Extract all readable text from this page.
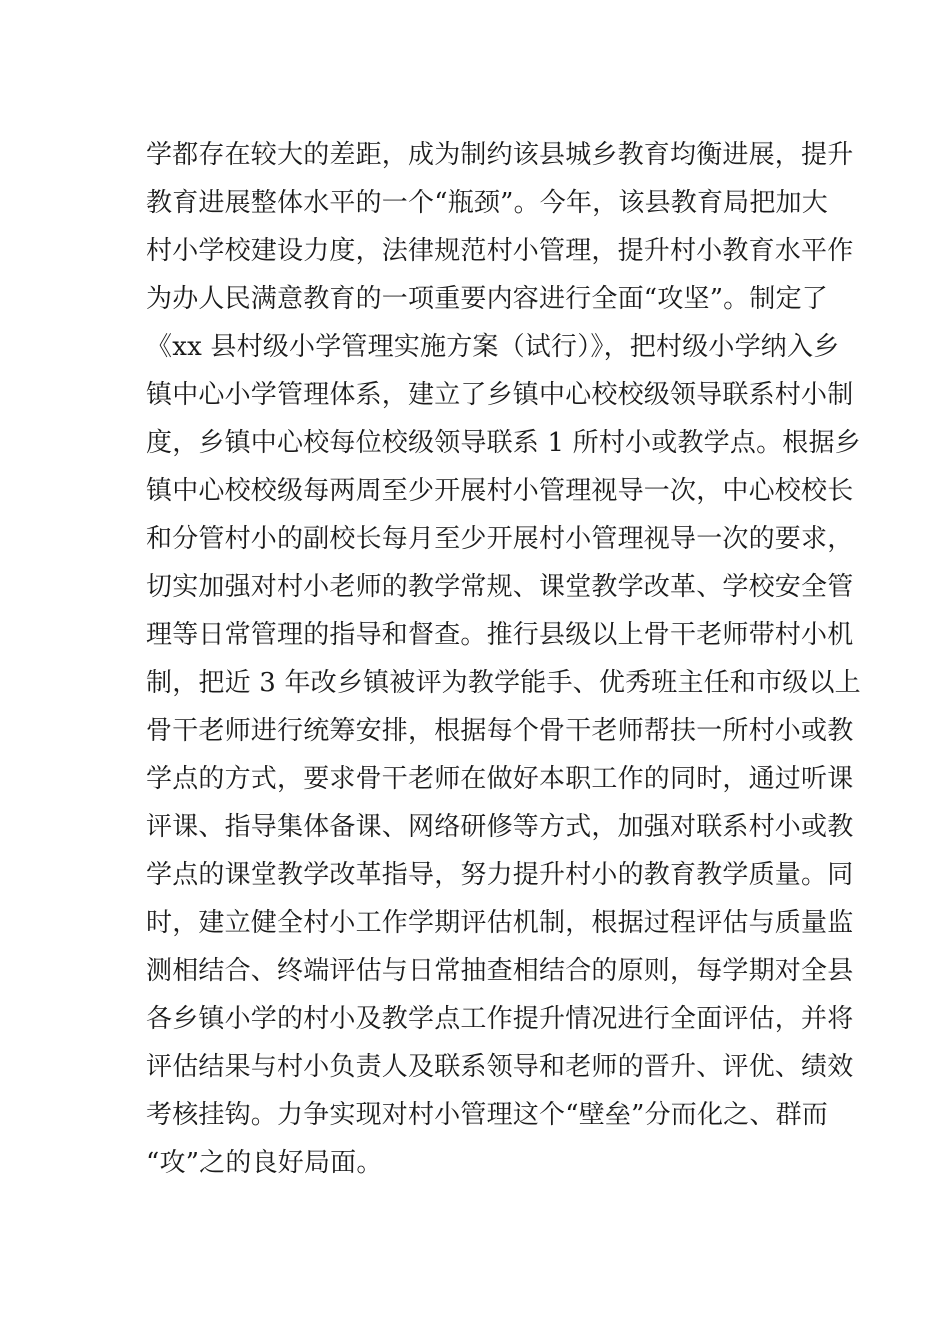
学都存在较大的差距，成为制约该县城乡教育均衡进展，提升
教育进展整体水平的一个“瓶颈”。今年，该县教育局把加大
村小学校建设力度，法律规范村小管理，提升村小教育水平作
为办人民满意教育的一项重要内容进行全面“攻坚”。制定了
《xx 县村级小学管理实施方案（试行）》，把村级小学纳入乡
镇中心小学管理体系，建立了乡镇中心校校级领导联系村小制
度，乡镇中心校每位校级领导联系 1 所村小或教学点。根据乡
镇中心校校级每两周至少开展村小管理视导一次，中心校校长
和分管村小的副校长每月至少开展村小管理视导一次的要求，
切实加强对村小老师的教学常规、课堂教学改革、学校安全管
理等日常管理的指导和督查。推行县级以上骨干老师带村小机
制，把近 3 年改乡镇被评为教学能手、优秀班主任和市级以上
骨干老师进行统筹安排，根据每个骨干老师帮扶一所村小或教
学点的方式，要求骨干老师在做好本职工作的同时，通过听课
评课、指导集体备课、网络研修等方式，加强对联系村小或教
学点的课堂教学改革指导，努力提升村小的教育教学质量。同
时，建立健全村小工作学期评估机制，根据过程评估与质量监
测相结合、终端评估与日常抽查相结合的原则，每学期对全县
各乡镇小学的村小及教学点工作提升情况进行全面评估，并将
评估结果与村小负责人及联系领导和老师的晋升、评优、绩效
考核挂钩。力争实现对村小管理这个“壁垒”分而化之、群而
“攻”之的良好局面。
